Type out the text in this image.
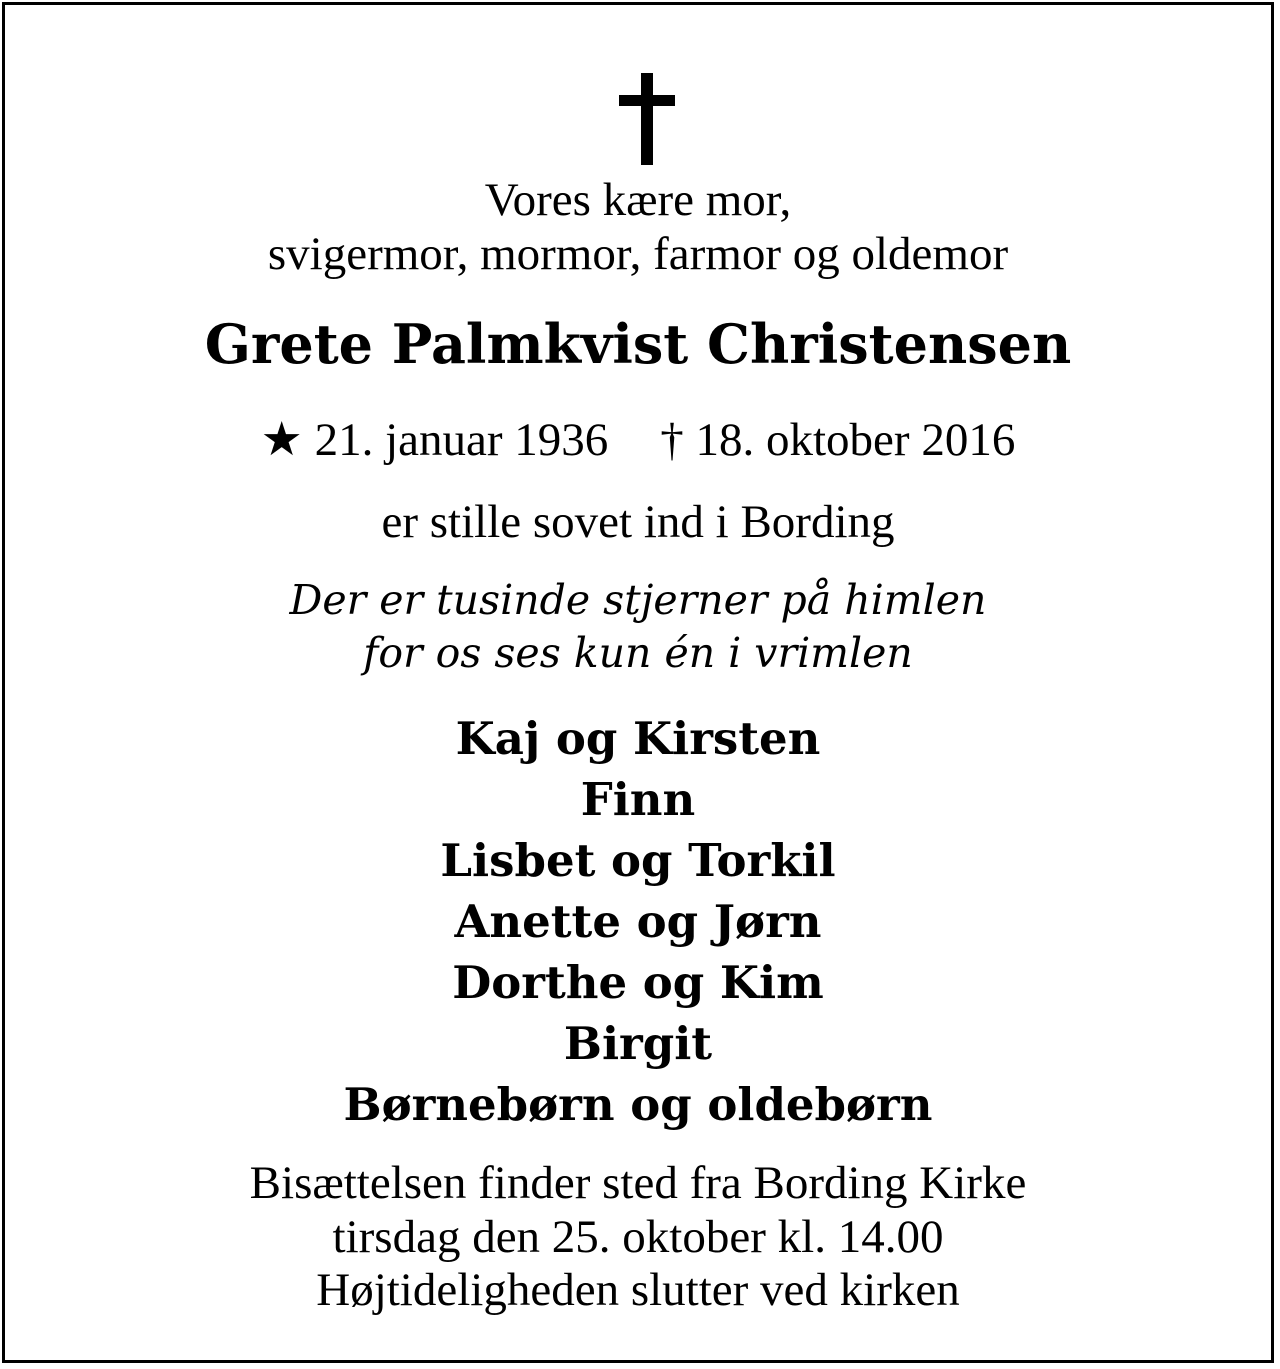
Vores kære mor,
svigermor, mormor, farmor og oldemor
Grete Palmkvist Christensen
★ 21. januar 1936 † 18. oktober 2016
er stille sovet ind i Bording
Der er tusinde stjerner på himlen
for os ses kun én i vrimlen
Kaj og Kirsten
Finn
Lisbet og Torkil
Anette og Jørn
Dorthe og Kim
Birgit
Børnebørn og oldebørn
Bisættelsen finder sted fra Bording Kirke
tirsdag den 25. oktober kl. 14.00
Højtideligheden slutter ved kirken
